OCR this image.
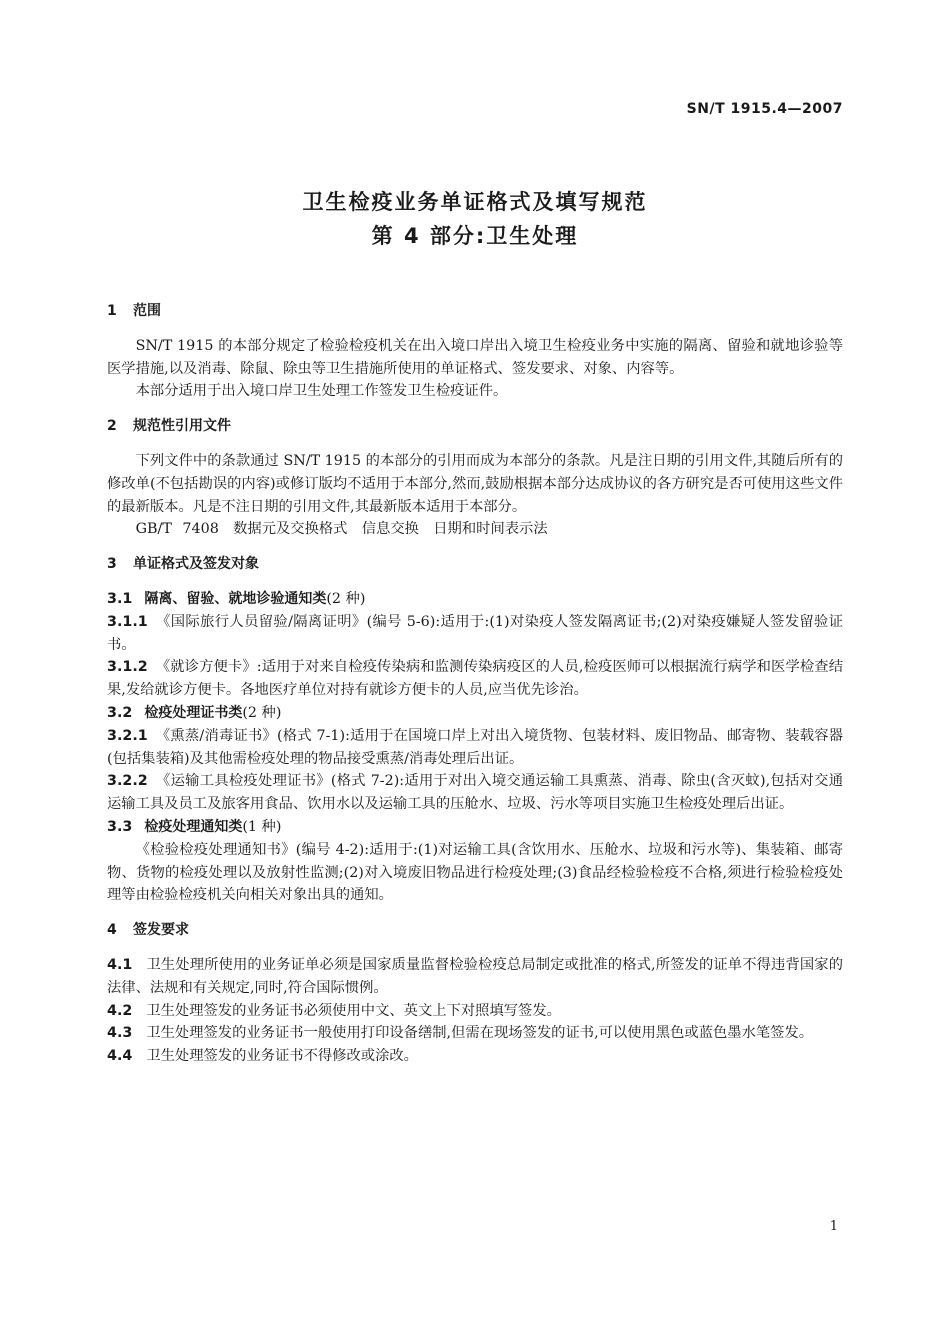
SN/T 1915.4—2007
卫生检疫业务单证格式及填写规范
第 4 部分:卫生处理
1 范围
SN/T 1915 的本部分规定了检验检疫机关在出入境口岸出入境卫生检疫业务中实施的隔离、留验和就地诊验等医学措施,以及消毒、除鼠、除虫等卫生措施所使用的单证格式、签发要求、对象、内容等。
本部分适用于出入境口岸卫生处理工作签发卫生检疫证件。
2 规范性引用文件
下列文件中的条款通过 SN/T 1915 的本部分的引用而成为本部分的条款。凡是注日期的引用文件,其随后所有的修改单(不包括勘误的内容)或修订版均不适用于本部分,然而,鼓励根据本部分达成协议的各方研究是否可使用这些文件的最新版本。凡是不注日期的引用文件,其最新版本适用于本部分。
GB/T 7408　数据元及交换格式　信息交换　日期和时间表示法
3 单证格式及签发对象
3.1 隔离、留验、就地诊验通知类(2 种)
3.1.1 《国际旅行人员留验/隔离证明》(编号 5-6):适用于:(1)对染疫人签发隔离证书;(2)对染疫嫌疑人签发留验证书。
3.1.2 《就诊方便卡》:适用于对来自检疫传染病和监测传染病疫区的人员,检疫医师可以根据流行病学和医学检查结果,发给就诊方便卡。各地医疗单位对持有就诊方便卡的人员,应当优先诊治。
3.2 检疫处理证书类(2 种)
3.2.1 《熏蒸/消毒证书》(格式 7-1):适用于在国境口岸上对出入境货物、包装材料、废旧物品、邮寄物、装载容器(包括集装箱)及其他需检疫处理的物品接受熏蒸/消毒处理后出证。
3.2.2 《运输工具检疫处理证书》(格式 7-2):适用于对出入境交通运输工具熏蒸、消毒、除虫(含灭蚊),包括对交通运输工具及员工及旅客用食品、饮用水以及运输工具的压舱水、垃圾、污水等项目实施卫生检疫处理后出证。
3.3 检疫处理通知类(1 种)
《检验检疫处理通知书》(编号 4-2):适用于:(1)对运输工具(含饮用水、压舱水、垃圾和污水等)、集装箱、邮寄物、货物的检疫处理以及放射性监测;(2)对入境废旧物品进行检疫处理;(3)食品经检验检疫不合格,须进行检验检疫处理等由检验检疫机关向相关对象出具的通知。
4 签发要求
4.1 卫生处理所使用的业务证单必须是国家质量监督检验检疫总局制定或批准的格式,所签发的证单不得违背国家的法律、法规和有关规定,同时,符合国际惯例。
4.2 卫生处理签发的业务证书必须使用中文、英文上下对照填写签发。
4.3 卫生处理签发的业务证书一般使用打印设备缮制,但需在现场签发的证书,可以使用黑色或蓝色墨水笔签发。
4.4 卫生处理签发的业务证书不得修改或涂改。
1
